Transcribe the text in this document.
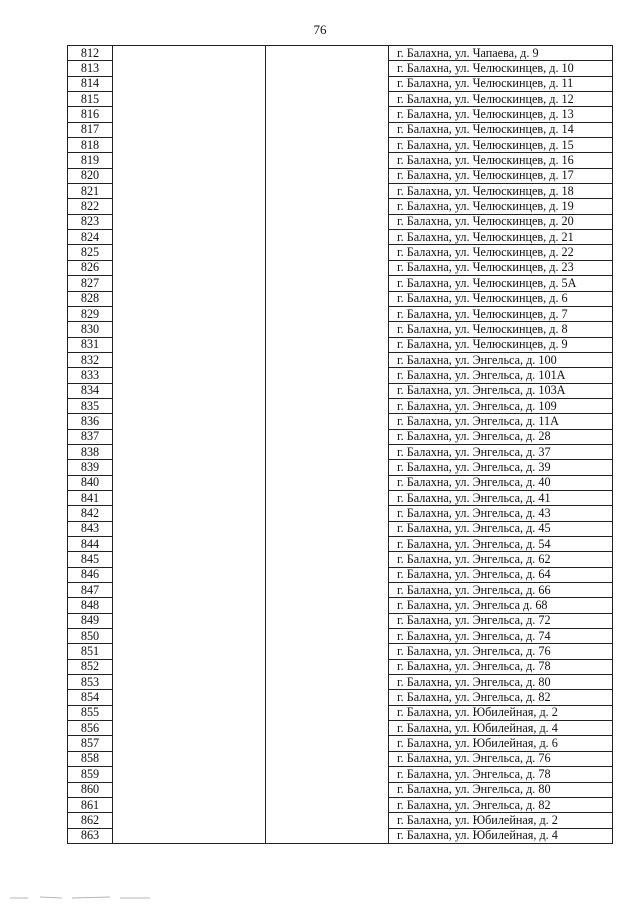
76
812			г. Балахна, ул. Чапаева, д. 9
813			г. Балахна, ул. Челюскинцев, д. 10
814			г. Балахна, ул. Челюскинцев, д. 11
815			г. Балахна, ул. Челюскинцев, д. 12
816			г. Балахна, ул. Челюскинцев, д. 13
817			г. Балахна, ул. Челюскинцев, д. 14
818			г. Балахна, ул. Челюскинцев, д. 15
819			г. Балахна, ул. Челюскинцев, д. 16
820			г. Балахна, ул. Челюскинцев, д. 17
821			г. Балахна, ул. Челюскинцев, д. 18
822			г. Балахна, ул. Челюскинцев, д. 19
823			г. Балахна, ул. Челюскинцев, д. 20
824			г. Балахна, ул. Челюскинцев, д. 21
825			г. Балахна, ул. Челюскинцев, д. 22
826			г. Балахна, ул. Челюскинцев, д. 23
827			г. Балахна, ул. Челюскинцев, д. 5А
828			г. Балахна, ул. Челюскинцев, д. 6
829			г. Балахна, ул. Челюскинцев, д. 7
830			г. Балахна, ул. Челюскинцев, д. 8
831			г. Балахна, ул. Челюскинцев, д. 9
832			г. Балахна, ул. Энгельса, д. 100
833			г. Балахна, ул. Энгельса, д. 101А
834			г. Балахна, ул. Энгельса, д. 103А
835			г. Балахна, ул. Энгельса, д. 109
836			г. Балахна, ул. Энгельса, д. 11А
837			г. Балахна, ул. Энгельса, д. 28
838			г. Балахна, ул. Энгельса, д. 37
839			г. Балахна, ул. Энгельса, д. 39
840			г. Балахна, ул. Энгельса, д. 40
841			г. Балахна, ул. Энгельса, д. 41
842			г. Балахна, ул. Энгельса, д. 43
843			г. Балахна, ул. Энгельса, д. 45
844			г. Балахна, ул. Энгельса, д. 54
845			г. Балахна, ул. Энгельса, д. 62
846			г. Балахна, ул. Энгельса, д. 64
847			г. Балахна, ул. Энгельса, д. 66
848			г. Балахна, ул. Энгельса д. 68
849			г. Балахна, ул. Энгельса, д. 72
850			г. Балахна, ул. Энгельса, д. 74
851			г. Балахна, ул. Энгельса, д. 76
852			г. Балахна, ул. Энгельса, д. 78
853			г. Балахна, ул. Энгельса, д. 80
854			г. Балахна, ул. Энгельса, д. 82
855			г. Балахна, ул. Юбилейная, д. 2
856			г. Балахна, ул. Юбилейная, д. 4
857			г. Балахна, ул. Юбилейная, д. 6
858			г. Балахна, ул. Энгельса, д. 76
859			г. Балахна, ул. Энгельса, д. 78
860			г. Балахна, ул. Энгельса, д. 80
861			г. Балахна, ул. Энгельса, д. 82
862			г. Балахна, ул. Юбилейная, д. 2
863			г. Балахна, ул. Юбилейная, д. 4
